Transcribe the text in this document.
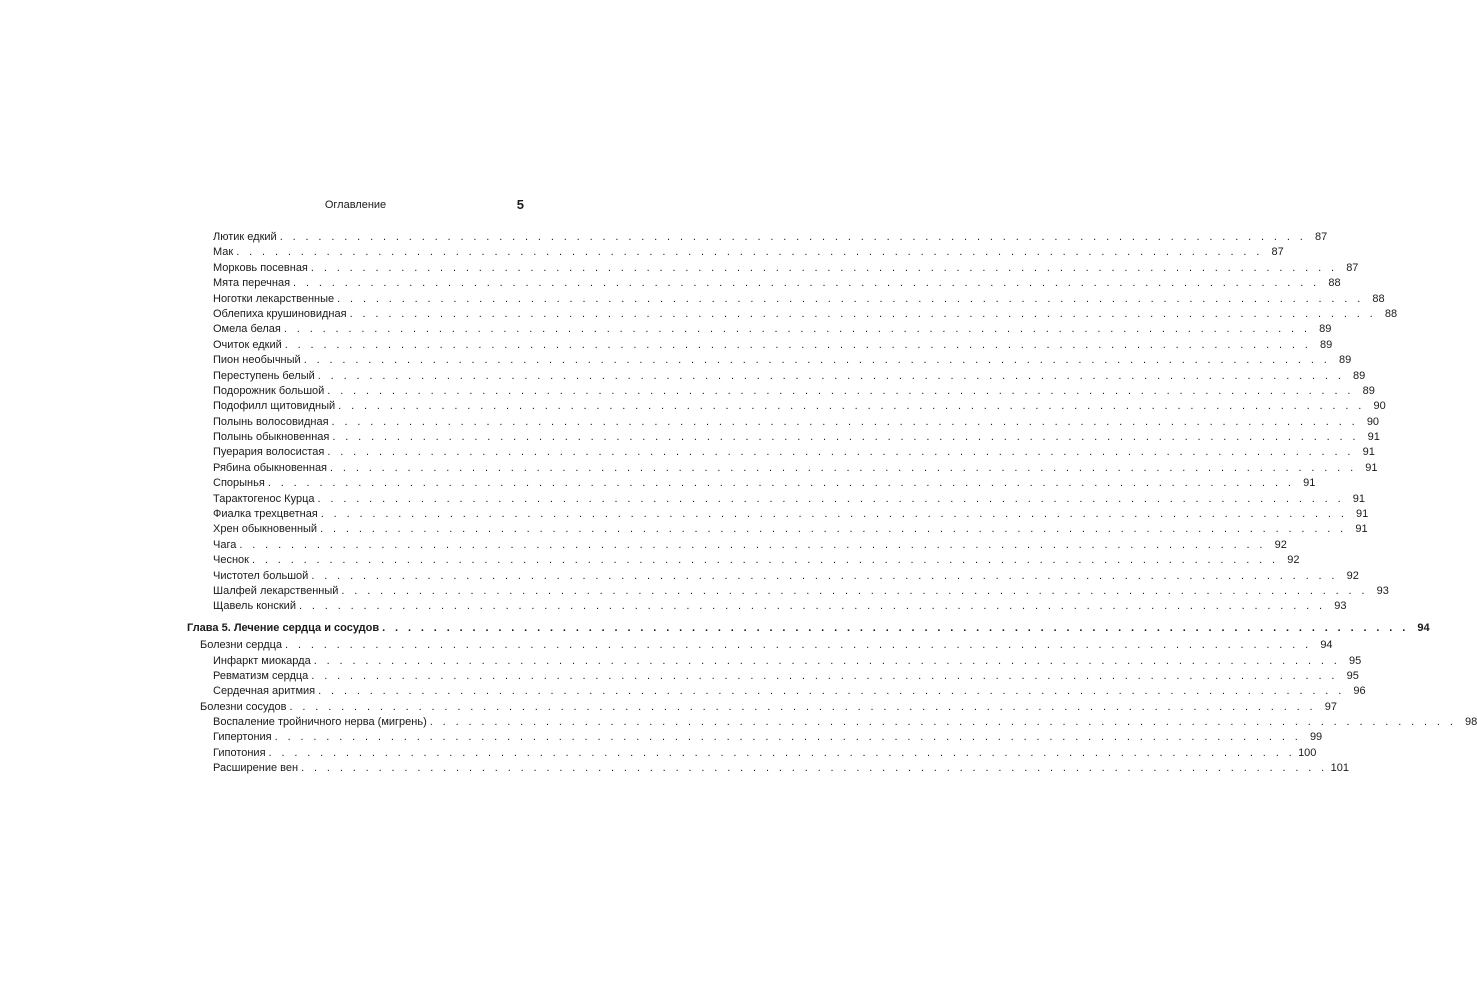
Оглавление	5
Лютик едкий . . . . . . . . . . . . . . . . . . . . . . . . . . . . . . . . . . . . . . . . . . . . . . . . . . . . . . . . . . . . . . . . . . . . . . . . . . . . . . . . 87
Мак . . . . . . . . . . . . . . . . . . . . . . . . . . . . . . . . . . . . . . . . . . . . . . . . . . . . . . . . . . . . . . . . . . . . . . . . . . . . . . . . 87
Морковь посевная . . . . . . . . . . . . . . . . . . . . . . . . . . . . . . . . . . . . . . . . . . . . . . . . . . . . . . . . . . . . . . . . . . . . . . . . . . . . . . . . 87
Мята перечная . . . . . . . . . . . . . . . . . . . . . . . . . . . . . . . . . . . . . . . . . . . . . . . . . . . . . . . . . . . . . . . . . . . . . . . . . . . . . . . . 88
Ноготки лекарственные . . . . . . . . . . . . . . . . . . . . . . . . . . . . . . . . . . . . . . . . . . . . . . . . . . . . . . . . . . . . . . . . . . . . . . . . . . . . . . . . 88
Облепиха крушиновидная . . . . . . . . . . . . . . . . . . . . . . . . . . . . . . . . . . . . . . . . . . . . . . . . . . . . . . . . . . . . . . . . . . . . . . . . . . . . . . . . 88
Омела белая . . . . . . . . . . . . . . . . . . . . . . . . . . . . . . . . . . . . . . . . . . . . . . . . . . . . . . . . . . . . . . . . . . . . . . . . . . . . . . . . 89
Очиток едкий . . . . . . . . . . . . . . . . . . . . . . . . . . . . . . . . . . . . . . . . . . . . . . . . . . . . . . . . . . . . . . . . . . . . . . . . . . . . . . . . 89
Пион необычный . . . . . . . . . . . . . . . . . . . . . . . . . . . . . . . . . . . . . . . . . . . . . . . . . . . . . . . . . . . . . . . . . . . . . . . . . . . . . . . . 89
Переступень белый . . . . . . . . . . . . . . . . . . . . . . . . . . . . . . . . . . . . . . . . . . . . . . . . . . . . . . . . . . . . . . . . . . . . . . . . . . . . . . . . 89
Подорожник большой . . . . . . . . . . . . . . . . . . . . . . . . . . . . . . . . . . . . . . . . . . . . . . . . . . . . . . . . . . . . . . . . . . . . . . . . . . . . . . . . 89
Подофилл щитовидный . . . . . . . . . . . . . . . . . . . . . . . . . . . . . . . . . . . . . . . . . . . . . . . . . . . . . . . . . . . . . . . . . . . . . . . . . . . . . . . . 90
Полынь волосовидная . . . . . . . . . . . . . . . . . . . . . . . . . . . . . . . . . . . . . . . . . . . . . . . . . . . . . . . . . . . . . . . . . . . . . . . . . . . . . . . . 90
Полынь обыкновенная . . . . . . . . . . . . . . . . . . . . . . . . . . . . . . . . . . . . . . . . . . . . . . . . . . . . . . . . . . . . . . . . . . . . . . . . . . . . . . . . 91
Пуерария волосистая . . . . . . . . . . . . . . . . . . . . . . . . . . . . . . . . . . . . . . . . . . . . . . . . . . . . . . . . . . . . . . . . . . . . . . . . . . . . . . . . 91
Рябина обыкновенная . . . . . . . . . . . . . . . . . . . . . . . . . . . . . . . . . . . . . . . . . . . . . . . . . . . . . . . . . . . . . . . . . . . . . . . . . . . . . . . . 91
Спорынья . . . . . . . . . . . . . . . . . . . . . . . . . . . . . . . . . . . . . . . . . . . . . . . . . . . . . . . . . . . . . . . . . . . . . . . . . . . . . . . . 91
Тарактогенос Курца . . . . . . . . . . . . . . . . . . . . . . . . . . . . . . . . . . . . . . . . . . . . . . . . . . . . . . . . . . . . . . . . . . . . . . . . . . . . . . . . 91
Фиалка трехцветная . . . . . . . . . . . . . . . . . . . . . . . . . . . . . . . . . . . . . . . . . . . . . . . . . . . . . . . . . . . . . . . . . . . . . . . . . . . . . . . . 91
Хрен обыкновенный . . . . . . . . . . . . . . . . . . . . . . . . . . . . . . . . . . . . . . . . . . . . . . . . . . . . . . . . . . . . . . . . . . . . . . . . . . . . . . . . 91
Чага . . . . . . . . . . . . . . . . . . . . . . . . . . . . . . . . . . . . . . . . . . . . . . . . . . . . . . . . . . . . . . . . . . . . . . . . . . . . . . . . 92
Чеснок . . . . . . . . . . . . . . . . . . . . . . . . . . . . . . . . . . . . . . . . . . . . . . . . . . . . . . . . . . . . . . . . . . . . . . . . . . . . . . . . 92
Чистотел большой . . . . . . . . . . . . . . . . . . . . . . . . . . . . . . . . . . . . . . . . . . . . . . . . . . . . . . . . . . . . . . . . . . . . . . . . . . . . . . . . 92
Шалфей лекарственный . . . . . . . . . . . . . . . . . . . . . . . . . . . . . . . . . . . . . . . . . . . . . . . . . . . . . . . . . . . . . . . . . . . . . . . . . . . . . . . . 93
Щавель конский . . . . . . . . . . . . . . . . . . . . . . . . . . . . . . . . . . . . . . . . . . . . . . . . . . . . . . . . . . . . . . . . . . . . . . . . . . . . . . . . 93
Глава 5. Лечение сердца и сосудов . . . . . . . . . . . . . . . . . . . . . . . . . . . . . . . . . . . . . . . . . . . . . . . . . . . . . . . . . . . . . . . . . . . . . . . . . . . . . . . . 94
Болезни сердца . . . . . . . . . . . . . . . . . . . . . . . . . . . . . . . . . . . . . . . . . . . . . . . . . . . . . . . . . . . . . . . . . . . . . . . . . . . . . . . . 94
Инфаркт миокарда . . . . . . . . . . . . . . . . . . . . . . . . . . . . . . . . . . . . . . . . . . . . . . . . . . . . . . . . . . . . . . . . . . . . . . . . . . . . . . . . 95
Ревматизм сердца . . . . . . . . . . . . . . . . . . . . . . . . . . . . . . . . . . . . . . . . . . . . . . . . . . . . . . . . . . . . . . . . . . . . . . . . . . . . . . . . 95
Сердечная аритмия . . . . . . . . . . . . . . . . . . . . . . . . . . . . . . . . . . . . . . . . . . . . . . . . . . . . . . . . . . . . . . . . . . . . . . . . . . . . . . . . 96
Болезни сосудов . . . . . . . . . . . . . . . . . . . . . . . . . . . . . . . . . . . . . . . . . . . . . . . . . . . . . . . . . . . . . . . . . . . . . . . . . . . . . . . . 97
Воспаление тройничного нерва (мигрень) . . . . . . . . . . . . . . . . . . . . . . . . . . . . . . . . . . . . . . . . . . . . . . . . . . . . . . . . . . . . . . . . . . . . . . . . . . . . . . . . 98
Гипертония . . . . . . . . . . . . . . . . . . . . . . . . . . . . . . . . . . . . . . . . . . . . . . . . . . . . . . . . . . . . . . . . . . . . . . . . . . . . . . . . 99
Гипотония . . . . . . . . . . . . . . . . . . . . . . . . . . . . . . . . . . . . . . . . . . . . . . . . . . . . . . . . . . . . . . . . . . . . . . . . . . . . . . . . 100
Расширение вен . . . . . . . . . . . . . . . . . . . . . . . . . . . . . . . . . . . . . . . . . . . . . . . . . . . . . . . . . . . . . . . . . . . . . . . . . . . . . . . . 101
